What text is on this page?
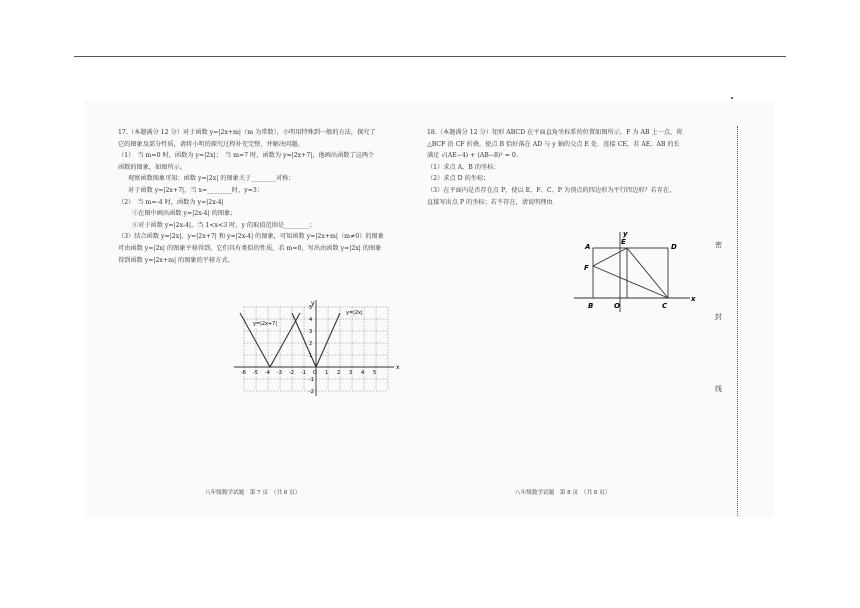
17.（本题满分 12 分）对于函数 y=|2x+m|（m 为常数），小明用特殊到一般的方法，探究了

它的图象及部分性质，请将小明的探究过程补充完整，并解决问题。

（1）　当 m=0 时，函数为 y=|2x|；　当 m=7 时，函数为 y=|2x+7|，他画出函数了这两个

函数的图象，如图所示。

观察函数图象可知：函数 y=|2x| 的图象关于________对称；

对于函数 y=|2x+7|，当 x=________时，y=3；

（2）　当 m=-4 时，函数为 y=|2x-4|

①在图中画出函数 y=|2x-4| 的图象；

②对于函数 y=|2x-4|，当 1<x<3 时，y 的取值范围是________；

（3）结合函数 y=|2x|，y=|2x+7| 和 y=|2x-4| 的图象，可知函数 y=|2x+m|（m≠0）的图象

可由函数 y=|2x| 的图象平移得到。它们具有类似的性质，若 m=0，写出由函数 y=|2x| 的图象

得到函数 y=|2x+m| 的图象的平移方式。

x
y
y=|2x+7|
y=|2x|
-6 -5 -4 -3 -2 -1 O 1 2 3 4 5
5
4
3
2
1
-1
-2
八年级数学试题　第 7 页　（共 8 页）

18.（本题满分 12 分）矩形 ABCD 在平面直角坐标系的位置如图所示，F 为 AB 上一点，将

△BCF 沿 CF 折叠，使点 B 恰好落在 AD 与 y 轴的交点 E 处．连接 CE，若 AE、AB 的长

满足 √(AE−4) + (AB−8)² = 0．

（1）求点 A、B 的坐标；

（2）求点 D 的坐标；

（3）在平面内是否存在点 P，使以 E、F、C、P 为顶点的四边形为平行四边形？若存在，

直接写出点 P 的坐标；若不存在，请说明理由．

A
E
D
F
B	O	C
x
y
八年级数学试题　第 8 页　（共 8 页）
密
封
线
